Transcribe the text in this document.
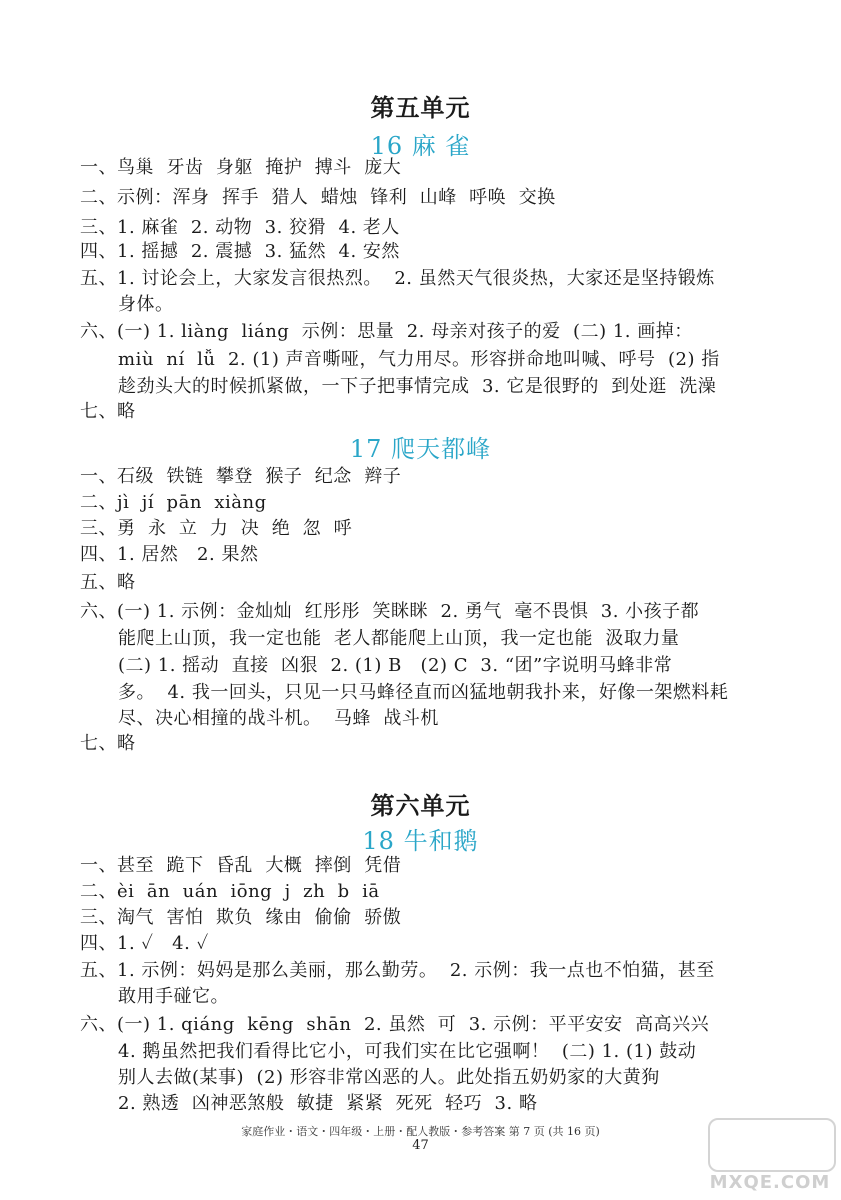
第五单元
16 麻 雀
一、鸟巢  牙齿  身躯  掩护  搏斗  庞大
二、示例：浑身  挥手  猎人  蜡烛  锋利  山峰  呼唤  交换
三、1. 麻雀  2. 动物  3. 狡猾  4. 老人
四、1. 摇撼  2. 震撼  3. 猛然  4. 安然
五、1. 讨论会上，大家发言很热烈。  2. 虽然天气很炎热，大家还是坚持锻炼
身体。
六、(一) 1. liàng  liáng  示例：思量  2. 母亲对孩子的爱  (二) 1. 画掉：
miù  ní  lǚ  2. (1) 声音嘶哑，气力用尽。形容拼命地叫喊、呼号  (2) 指
趁劲头大的时候抓紧做，一下子把事情完成  3. 它是很野的  到处逛  洗澡
七、略
17 爬天都峰
一、石级  铁链  攀登  猴子  纪念  辫子
二、jì  jí  pān  xiàng
三、勇  永  立  力  决  绝  忽  呼
四、1. 居然   2. 果然
五、略
六、(一) 1. 示例：金灿灿  红彤彤  笑眯眯  2. 勇气  毫不畏惧  3. 小孩子都
能爬上山顶，我一定也能  老人都能爬上山顶，我一定也能  汲取力量
(二) 1. 摇动  直接  凶狠  2. (1) B   (2) C  3. “团”字说明马蜂非常
多。  4. 我一回头，只见一只马蜂径直而凶猛地朝我扑来，好像一架燃料耗
尽、决心相撞的战斗机。  马蜂  战斗机
七、略
第六单元
18 牛和鹅
一、甚至  跪下  昏乱  大概  摔倒  凭借
二、èi  ān  uán  iōng  j  zh  b  iā
三、淘气  害怕  欺负  缘由  偷偷  骄傲
四、1. ✓   4. ✓
五、1. 示例：妈妈是那么美丽，那么勤劳。  2. 示例：我一点也不怕猫，甚至
敢用手碰它。
六、(一) 1. qiáng  kēng  shān  2. 虽然  可  3. 示例：平平安安  高高兴兴
4. 鹅虽然把我们看得比它小，可我们实在比它强啊！  (二) 1. (1) 鼓动
别人去做(某事)  (2) 形容非常凶恶的人。此处指五奶奶家的大黄狗
2. 熟透  凶神恶煞般  敏捷  紧紧  死死  轻巧  3. 略
家庭作业・语文・四年级・上册・配人教版・参考答案 第 7 页 (共 16 页)
47
MXQE.COM
